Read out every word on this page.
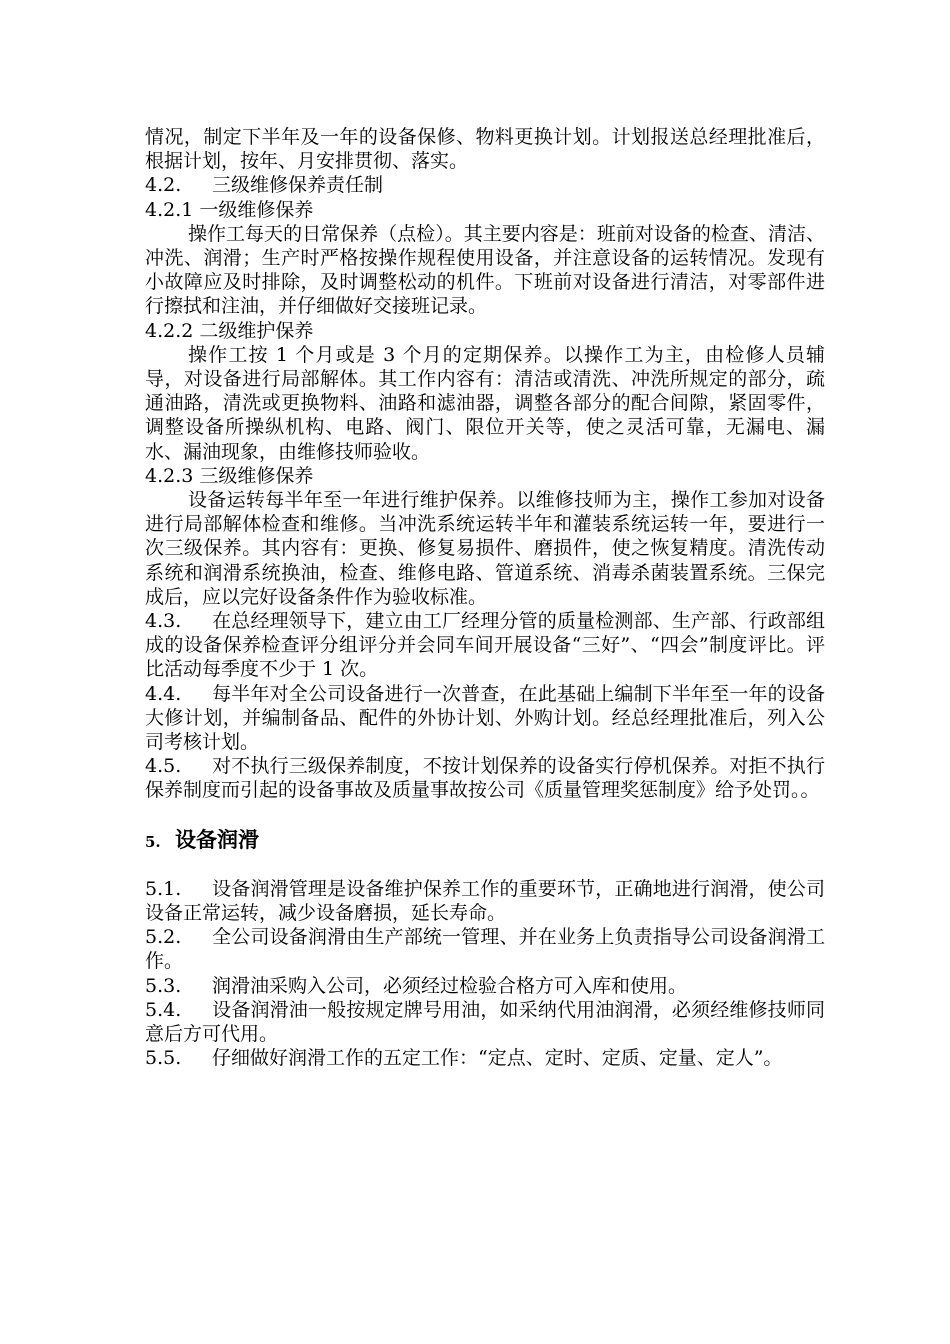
情况，制定下半年及一年的设备保修、物料更换计划。计划报送总经理批准后，根据计划，按年、月安排贯彻、落实。

4.2. 三级维修保养责任制

4.2.1 一级维修保养

操作工每天的日常保养（点检）。其主要内容是：班前对设备的检查、清洁、冲洗、润滑；生产时严格按操作规程使用设备，并注意设备的运转情况。发现有小故障应及时排除，及时调整松动的机件。下班前对设备进行清洁，对零部件进行擦拭和注油，并仔细做好交接班记录。

4.2.2 二级维护保养

操作工按 1 个月或是 3 个月的定期保养。以操作工为主，由检修人员辅导，对设备进行局部解体。其工作内容有：清洁或清洗、冲洗所规定的部分，疏通油路，清洗或更换物料、油路和滤油器，调整各部分的配合间隙，紧固零件，调整设备所操纵机构、电路、阀门、限位开关等，使之灵活可靠，无漏电、漏水、漏油现象，由维修技师验收。

4.2.3 三级维修保养

设备运转每半年至一年进行维护保养。以维修技师为主，操作工参加对设备进行局部解体检查和维修。当冲洗系统运转半年和灌装系统运转一年，要进行一次三级保养。其内容有：更换、修复易损件、磨损件，使之恢复精度。清洗传动系统和润滑系统换油，检查、维修电路、管道系统、消毒杀菌装置系统。三保完成后，应以完好设备条件作为验收标准。

4.3. 在总经理领导下，建立由工厂经理分管的质量检测部、生产部、行政部组成的设备保养检查评分组评分并会同车间开展设备“三好”、“四会”制度评比。评比活动每季度不少于 1 次。

4.4. 每半年对全公司设备进行一次普查，在此基础上编制下半年至一年的设备大修计划，并编制备品、配件的外协计划、外购计划。经总经理批准后，列入公司考核计划。

4.5. 对不执行三级保养制度，不按计划保养的设备实行停机保养。对拒不执行保养制度而引起的设备事故及质量事故按公司《质量管理奖惩制度》给予处罚。。

5. 设备润滑

5.1. 设备润滑管理是设备维护保养工作的重要环节，正确地进行润滑，使公司设备正常运转，减少设备磨损，延长寿命。

5.2. 全公司设备润滑由生产部统一管理、并在业务上负责指导公司设备润滑工作。

5.3. 润滑油采购入公司，必须经过检验合格方可入库和使用。

5.4. 设备润滑油一般按规定牌号用油，如采纳代用油润滑，必须经维修技师同意后方可代用。

5.5. 仔细做好润滑工作的五定工作：“定点、定时、定质、定量、定人”。
